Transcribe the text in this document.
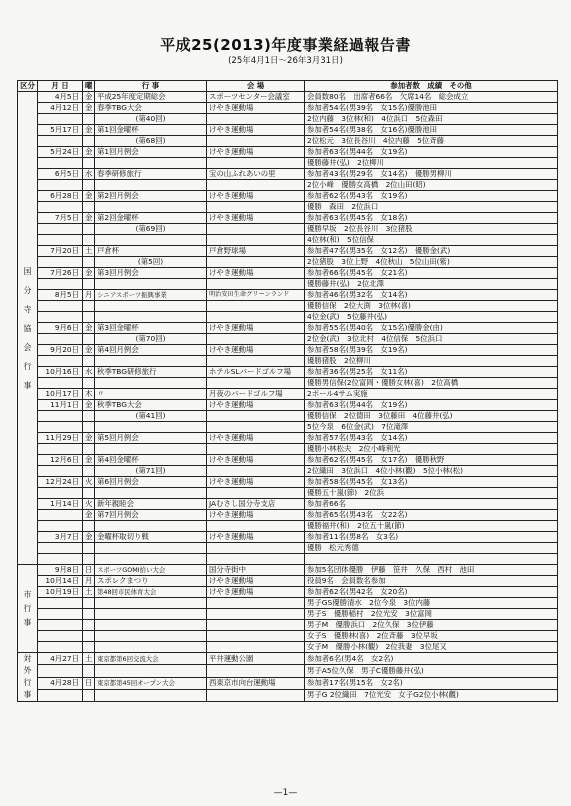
平成25(2013)年度事業経過報告書
(25年4月1日～26年3月31日)
区分	月 日	曜	行 事	会 場	参加者数　成績　その他
国分寺協会行事	4月5日	金	平成25年度定期総会	スポーツセンター会議室	会員数80名　出席者66名　欠席14名　総会成立
	4月12日	金	春季TBG大会	けやき運動場	参加者54名(男39名　女15名)優勝池田
			(第40回)		2位内藤　3位林(和)　4位浜口　5位森田
	5月17日	金	第1回金曜杯	けやき運動場	参加者54名(男38名　女16名)優勝池田
			(第68回)		2位松元　3位長谷川　4位内藤　5位斉藤
	5月24日	金	第1回月例会	けやき運動場	参加者63名(男44名　女19名)
					優勝藤井(弘)　2位柳川
	6月5日	水	春季研修旅行	宝の山ふれあいの里	参加者43名(男29名　女14名)　優勝男柳川
					2位小峰　優勝女高橋　2位山田(昭)
	6月28日	金	第2回月例会	けやき運動場	参加者62名(男43名　女19名)
					優勝　森田　2位浜口
	7月5日	金	第2回金曜杯	けやき運動場	参加者63名(男45名　女18名)
			(第69回)		優勝早坂　2位長谷川　3位猪股
					4位林(和)　5位信保
	7月20日	土	戸倉杯	戸倉野球場	参加者47名(男35名　女12名)　優勝金(武)
			(第5回)		2位猪股　3位上野　4位秋山　5位山田(紫)
	7月26日	金	第3回月例会	けやき運動場	参加者66名(男45名　女21名)
					優勝藤井(弘)　2位北澤
	8月5日	月	シニアスポーツ振興事業	明治安田生命グリーンランド	参加者46名(男32名　女14名)
					優勝信保　2位大渕　3位林(喜)
					4位金(武)　5位藤井(弘)
	9月6日	金	第3回金曜杯	けやき運動場	参加者55名(男40名　女15名)優勝金(由)
			(第70回)		2位金(武)　3位北村　4位信保　5位浜口
	9月20日	金	第4回月例会	けやき運動場	参加者58名(男39名　女19名)
					優勝猪股　2位柳川
	10月16日	水	秋季TBG研修旅行	ホテルSLバードゴルフ場	参加者36名(男25名　女11名)
					優勝男信保(2位富岡・優勝女林(喜)　2位高橋
	10月17日	木	〃	月夜のバードゴルフ場	2ボール4サム実施
	11月1日	金	秋季TBG大会	けやき運動場	参加者63名(男44名　女19名)
			(第41回)		優勝信保　2位德田　3位藤田　4位藤井(弘)
					5位今泉　6位金(武)　7位滝澤
	11月29日	金	第5回月例会	けやき運動場	参加者57名(男43名　女14名)
					優勝小林松夫　2位小峰利光
	12月6日	金	第4回金曜杯	けやき運動場	参加者62名(男45名　女17名)　優勝秋野
			(第71回)		2位織田　3位浜口　4位小林(觀)　5位小林(松)
	12月24日	火	第6回月例会	けやき運動場	参加者58名(男45名　女13名)
					優勝五十嵐(節)　2位浜
	1月14日	火	新年親睦会	JAむさし国分寺支店	参加者66名
		金	第7回月例会	けやき運動場	参加者65名(男43名　女22名)
					優勝福井(和)　2位五十嵐(節)
	3月7日	金	金曜杯取切り戦	けやき運動場	参加者11名(男8名　女3名)
					優勝　松元秀德

市行事	9月8日	日	スポーツGOMI拾い大会	国分寺街中	参加5名団体優勝　伊藤　笹井　久保　西村　池田
	10月14日	月	スポレクまつり	けやき運動場	役員9名　会員数名参加
	10月19日	土	第48回市民体育大会	けやき運動場	参加者62名(男42名　女20名)
					男子GS優勝清水　2位今泉　3位内藤
					男子S　優勝稲村　2位光安　3位富岡
					男子M　優勝浜口　2位久保　3位伊藤
					女子S　優勝林(喜)　2位斉藤　3位早坂
					女子M　優勝小林(觀)　2位我妻　3位尾又
対外行事	4月27日	土	東京都第6回交流大会	平井運動公園	参加者6名(男4名　女2名)
					男子A5位久保　男子C優勝藤井(弘)
	4月28日	日	東京都第45回オープン大会	西東京市向台運動場	参加者17名(男15名　女2名)
					男子G 2位織田　7位光安　女子G2位小林(觀)
—1—
